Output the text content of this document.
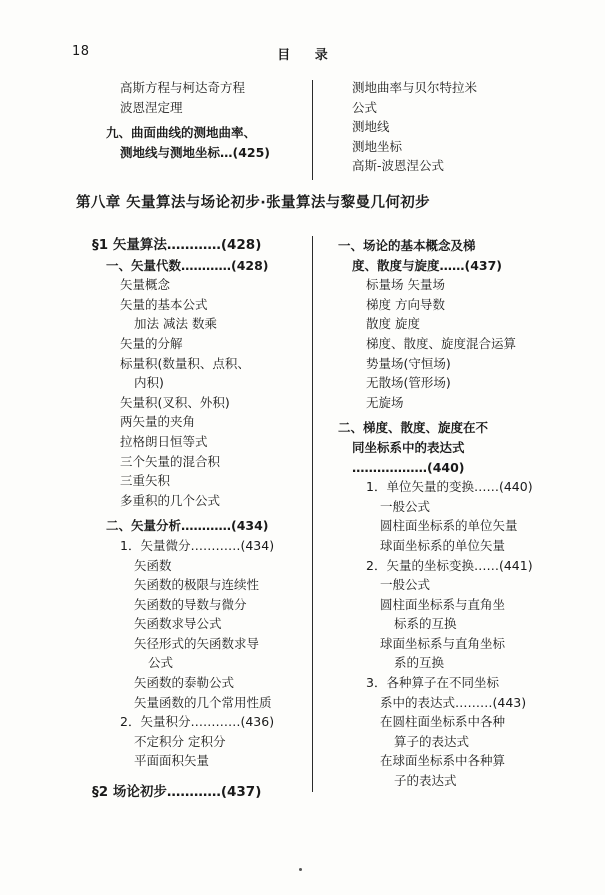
18	目 录
高斯方程与柯达奇方程
波恩涅定理
九、曲面曲线的测地曲率、
测地线与测地坐标…(425)
测地曲率与贝尔特拉米
公式
测地线
测地坐标
高斯-波恩涅公式
第八章 矢量算法与场论初步·张量算法与黎曼几何初步
§1 矢量算法…………(428)
一、矢量代数…………(428)
矢量概念
矢量的基本公式
加法 减法 数乘
矢量的分解
标量积(数量积、点积、
内积)
矢量积(叉积、外积)
两矢量的夹角
拉格朗日恒等式
三个矢量的混合积
三重矢积
多重积的几个公式
二、矢量分析…………(434)
1．矢量微分…………(434)
矢函数
矢函数的极限与连续性
矢函数的导数与微分
矢函数求导公式
矢径形式的矢函数求导
公式
矢函数的泰勒公式
矢量函数的几个常用性质
2．矢量积分…………(436)
不定积分 定积分
平面面积矢量
§2 场论初步…………(437)
一、场论的基本概念及梯
度、散度与旋度……(437)
标量场 矢量场
梯度 方向导数
散度 旋度
梯度、散度、旋度混合运算
势量场(守恒场)
无散场(管形场)
无旋场
二、梯度、散度、旋度在不
同坐标系中的表达式
………………(440)
1．单位矢量的变换……(440)
一般公式
圆柱面坐标系的单位矢量
球面坐标系的单位矢量
2．矢量的坐标变换……(441)
一般公式
圆柱面坐标系与直角坐
标系的互换
球面坐标系与直角坐标
系的互换
3．各种算子在不同坐标
系中的表达式………(443)
在圆柱面坐标系中各种
算子的表达式
在球面坐标系中各种算
子的表达式
